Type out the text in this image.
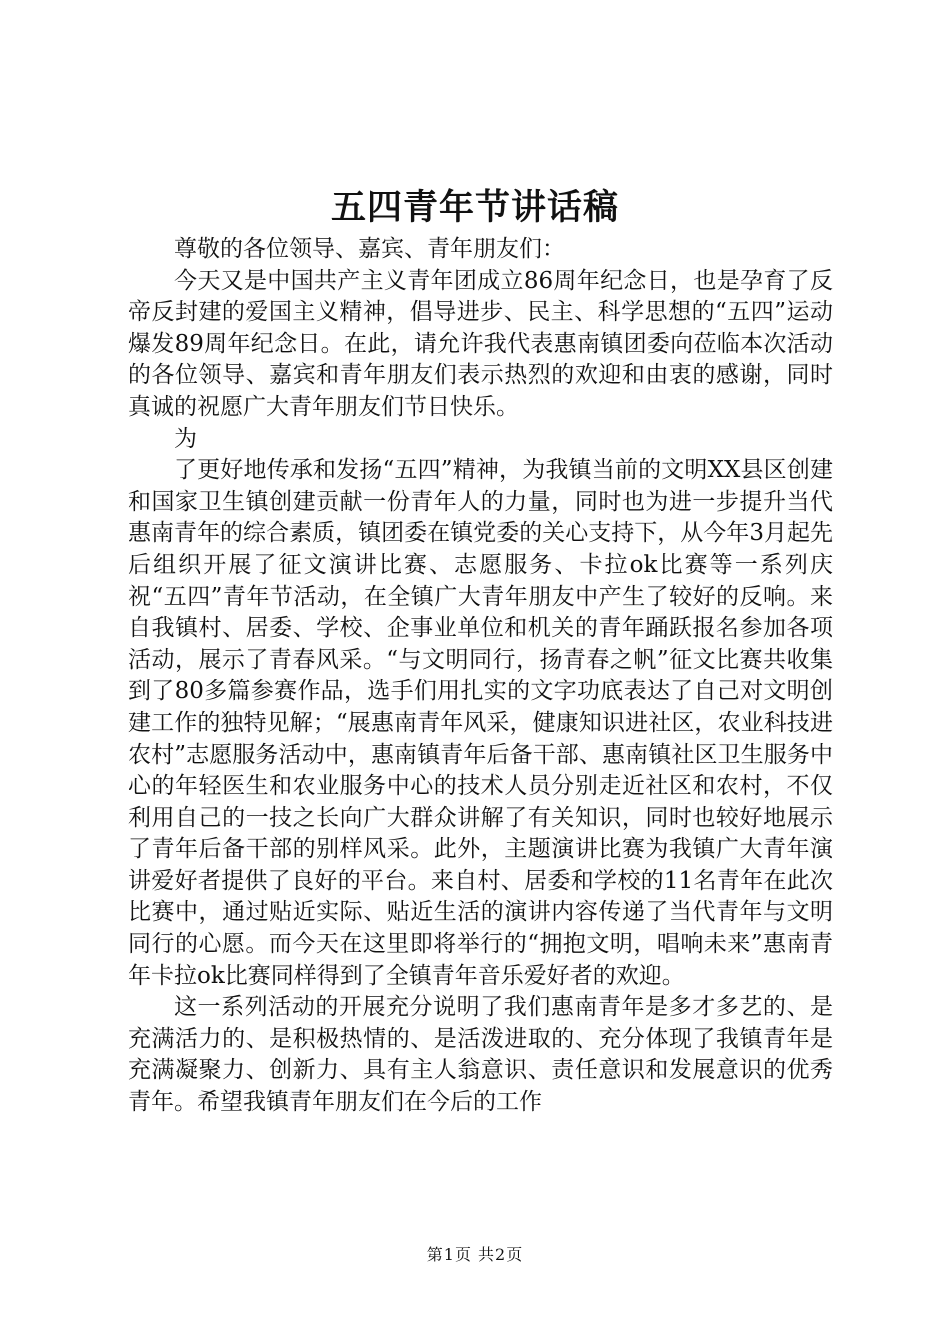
五四青年节讲话稿

尊敬的各位领导、嘉宾、青年朋友们：

今天又是中国共产主义青年团成立86周年纪念日，也是孕育了反帝反封建的爱国主义精神，倡导进步、民主、科学思想的“五四”运动爆发89周年纪念日。在此，请允许我代表惠南镇团委向莅临本次活动的各位领导、嘉宾和青年朋友们表示热烈的欢迎和由衷的感谢，同时真诚的祝愿广大青年朋友们节日快乐。

为

了更好地传承和发扬“五四”精神，为我镇当前的文明XX县区创建和国家卫生镇创建贡献一份青年人的力量，同时也为进一步提升当代惠南青年的综合素质，镇团委在镇党委的关心支持下，从今年3月起先后组织开展了征文演讲比赛、志愿服务、卡拉ok比赛等一系列庆祝“五四”青年节活动，在全镇广大青年朋友中产生了较好的反响。来自我镇村、居委、学校、企事业单位和机关的青年踊跃报名参加各项活动，展示了青春风采。“与文明同行，扬青春之帆”征文比赛共收集到了80多篇参赛作品，选手们用扎实的文字功底表达了自己对文明创建工作的独特见解；“展惠南青年风采，健康知识进社区，农业科技进农村”志愿服务活动中，惠南镇青年后备干部、惠南镇社区卫生服务中心的年轻医生和农业服务中心的技术人员分别走近社区和农村，不仅利用自己的一技之长向广大群众讲解了有关知识，同时也较好地展示了青年后备干部的别样风采。此外，主题演讲比赛为我镇广大青年演讲爱好者提供了良好的平台。来自村、居委和学校的11名青年在此次比赛中，通过贴近实际、贴近生活的演讲内容传递了当代青年与文明同行的心愿。而今天在这里即将举行的“拥抱文明，唱响未来”惠南青年卡拉ok比赛同样得到了全镇青年音乐爱好者的欢迎。

这一系列活动的开展充分说明了我们惠南青年是多才多艺的、是充满活力的、是积极热情的、是活泼进取的、充分体现了我镇青年是充满凝聚力、创新力、具有主人翁意识、责任意识和发展意识的优秀青年。希望我镇青年朋友们在今后的工作

第1页 共2页
